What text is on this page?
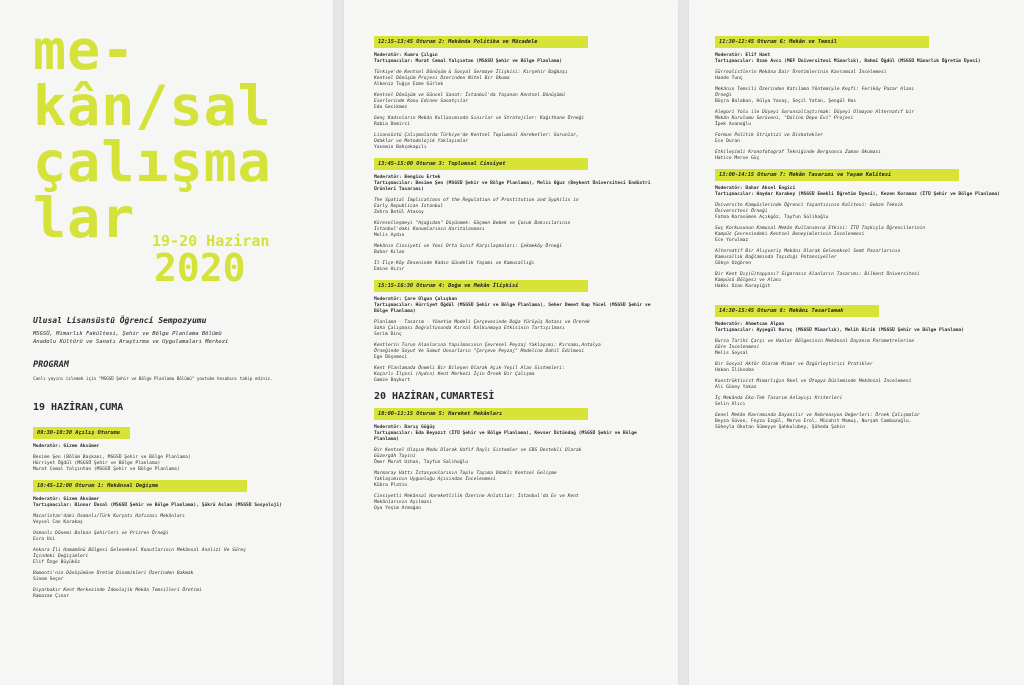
me-
kân/sal
çalışma
lar	19-20 Haziran
2020
Ulusal Lisansüstü Öğrenci Sempozyumu
MSGSÜ, Mimarlık Fakültesi, Şehir ve Bölge Planlama Bölümü
Anadolu Kültürü ve Sanatı Araştırma ve Uygulamaları Merkezi
PROGRAM
Canlı yayını izlemek için "MSGSÜ Şehir ve Bölge Planlama Bölümü" youtube hesabını takip ediniz.
19 HAZİRAN,CUMA
09:30-10:30 Açılış Oturumu

Moderatör: Gizem Aksümer

Besime Şen (Bölüm Başkanı, MSGSÜ Şehir ve Bölge Planlama)

Hürriyet Öğdül (MSGSÜ Şehir ve Bölge Planlama)

Murat Cemal Yalçıntan (MSGSÜ Şehir ve Bölge Planlama)

10:45-12:00 Oturum 1: Mekânsal Değişme

Moderatör: Gizem Aksümer

Tartışmacılar: Binnur Ünsal (MSGSÜ Şehir ve Bölge Planlama), Şükrü Aslan (MSGSÜ Sosyoloji)

Macaristan'daki Osmanlı/Türk Kurşatı Hafızası Mekânları

Veysel Can Karakaş

Osmanlı Dönemi Balkan Şehirleri ve Prizren Örneği

Esra Usi

Ankara İli Hamamönü Bölgesi Geleneksel Konutlarının Mekânsal Analizi Ve Süreç

İçindeki Değişimleri

Elif Özge Büyüköz

Bomonti'nin Dönüşümüne Üretim Dinamikleri Üzerinden Bakmak

Sinem Seçer

Diyarbakır Kent Merkezinde İdeolojik Mekân Temsilleri Üretimi

Ramazan Çınar

12:15-13:45 Oturum 2: Mekânda Politika ve Mücadele

Moderatör: Kumru Çılgın

Tartışmacılar: Murat Cemal Yalçıntan (MSGSÜ Şehir ve Bölge Planlama)

Türkiye'de Kentsel Dönüşüm & Sosyal Sermaye İlişkisi: Kırşehir Bağbaşı

Kentsel Dönüşüm Projesi Üzerinden Nitel Bir Okuma

Albeniz Tuğçe Ezme Gürlek

Kentsel Dönüşüm ve Güncel Sanat: İstanbul'da Yaşanan Kentsel Dönüşümü

Eserlerinde Konu Edinen Sanatçılar

Eda Gecikmez

Genç Kadınların Mekân Kullanımında Sınırlar ve Stratejiler: Kağıthane Örneği

Rabia Demirci

Lisansüstü Çalışmalarda Türkiye'de Kentsel Toplumsal Hareketler: Sorunlar,

Odaklar ve Metodolojik Yaklaşımlar

Yasemin Bahçekapılı

13:45-15:00 Oturum 3: Toplumsal Cinsiyet

Moderatör: Bengisu Ertek

Tartışmacılar: Besime Şen (MSGSÜ Şehir ve Bölge Planlama), Melis Oğuz (Beykent Üniversitesi Endüstri Ürünleri Tasarımı)

The Spatial Implications of the Regulation of Prostitution and Syphilis in

Early Republican Istanbul

Zehra Betül Atasoy

Küreselleşmeyi "Aşağıdan" Düşünmek: Göçmen Bebek ve Çocuk Bakıcılarının

İstanbul'daki Konumlarının Haritalanması

Melis Aydın

Mekânın Cinsiyeti ve Yeni Orta Sınıf Karşılaşmaları: Çekmeköy Örneği

Bahar Kılan

İl-İlçe-Köy Ekseninde Kadın Gündelik Yaşamı ve Kamusallığı

Emine Hızır

15:15-16:30 Oturum 4: Doğa ve Mekân İlişkisi

Moderatör: Çare Olgun Çalışkan

Tartışmacılar: Hürriyet Öğdül (MSGSÜ Şehir ve Bölge Planlama), Seher Demet Kap Yücel (MSGSÜ Şehir ve Bölge Planlama)

Planlama - Tasarım - Yönetim Modeli Çerçevesinde Doğa Yürüyüş Rotası ve Ürerek

Saha Çalışması Doğrultusunda Kırsal Kalkınmaya Etkisinin Tartışılması

Serim Dinç

Kentlerin Turun Alanlarına Yapılmasının Çevresel Peyzaj Yaklaşımı: Kırsamı,Antalya

Örneğinde Soyut Ve Somut Unsurların "Çerçeve Peyzaj" Modeline Dahil Edilmesi

Ege Döşemeci

Kent Planlamada Önemli Bir Bileşen Olarak Açık-Yeşil Alan Sistemleri:

Koçarlı İlçesi (Aydın) Kent Merkezi İçin Örnek Bir Çalışma

Gamze Baykurt

20 HAZİRAN,CUMARTESİ
10:00-11:15 Oturum 5: Hareket Mekânları

Moderatör: Barış Göğüş

Tartışmacılar: Eda Beyazıt (İTÜ Şehir ve Bölge Planlama), Kevser Üstündağ (MSGSÜ Şehir ve Bölge Planlama)

Bir Kentsel Ulaşım Modu Olarak Hafif Raylı Sistemler ve CBS Destekli Olarak

Güzergâh Tayini

Ömer Murat Uzhan, Tayfun Salihoğlu

Marmaray Hattı İstasyonlarının Toplu Taşıma Odaklı Kentsel Gelişme

Yaklaşımının Uygunluğu Açısından İncelenmesi

Kübra Platin

Cinsiyetli Mekânsal Hareketlilik Üzerine Anlatılar: İstanbul'da Ev ve Kent

Mekânlarının Aşılması

Oya Yeşim Armağan

11:30-12:45 Oturum 6: Mekân ve Temsil

Moderatör: Elif Hant

Tartışmacılar: Ozan Avcı (MEF Üniversitesi Mimarlık), Rahmi Öğdül (MSGSÜ Mimarlık Öğretim Üyesi)

Sürrealistlerin Mekâna Dair Üretimlerinin Kavramsal İncelemesi

Hande Tunç

Mekânın Temsili Üzerinden Katılama Yöntemiyle Keşfi: Feriköy Pazar Alanı

Örneği

Büşra Balaban, Hülya Yavaş, Seçil Yatan, Şengül Has

Alegori Yolu ile Düşeyi Sorunsallaştırmak: Düşeyi Olmayan Alternatif bir

Mekân Kurulumu Serüveni, "Dolino Depo Evi" Projesi

İpek Avanoğlu

Formun Politik Striptizi ve Diskotekler

Ece Duran

Etkileşimli Kronofotograf Tekniğinde Bergsoncu Zaman Okuması

Hatice Merve Güç

13:00-14:15 Oturum 7: Mekân Tasarımı ve Yaşam Kalitesi

Moderatör: Bahar Aksel Engici

Tartışmacılar: Haydar Karabey (MSGSÜ Emekli Öğretim Üyesi), Kezen Koramaz (İTÜ Şehir ve Bölge Planlama)

Üniversite Kampüslerinde Öğrenci Yaşantısının Kalitesi: Gebze Teknik

Üniversitesi Örneği

Fatma Karasümen Açıkgöz, Tayfun Salihoğlu

Suç Korkusunun Kamusal Mekân Kullanımına Etkisi: İTÜ Taşkışla Öğrencilerinin

Kampüs Çevresindeki Kentsel Deneyimlerinin İncelenmesi

Ece Yorulmaz

Alternatif Bir Alışveriş Mekânı Olarak Geleneksel Semt Pazarlarının

Kamusallık Bağlamında Taşıdığı Potansiyeller

Gökçe Uzgören

Bir Kent Dış(ü)topyası? Sigarasız Alanların Tasarımı: Bilkent Üniversitesi

Kampüsü Bölgesi ve Alanı

Hakkı Ozan Karayiğit

14:30-15:45 Oturum 8: Mekânı Tasarlamak

Moderatör: Ahmetcan Alpan

Tartışmacılar: Ayşegül Kuruç (MSGSÜ Mimarlık), Melih Birik (MSGSÜ Şehir ve Bölge Planlama)

Bursa Tarihi Çarşı ve Hanlar Bölgesinin Mekânsal Dayanım Parametrelerine

Göre İncelenmesi

Melis Soysal

Bir Sosyal Aktör Olarak Mimar ve Özgürleştirici Pratikler

Hakan İliksoba

Konstrüktivist Mimarlığın Reel ve Ütopya Düzleminde Mekânsal İncelemesi

Ali Güney Yakaz

İç Mekânda Eko-Tek Tasarım Anlayışı Kriterleri

Selin Alıcı

Genel Mekân Kavramında Dayanılır ve Rebreasyon Değerleri: Örnek Çalışmalar

Beyza Güven, Feyza Ezgül, Merve Erol, Mücahit Mamuş, Nurşah Cambazoğlu,

Süheyla Okutan Sümeyye Şahkulubey, Şüheda Şahin
